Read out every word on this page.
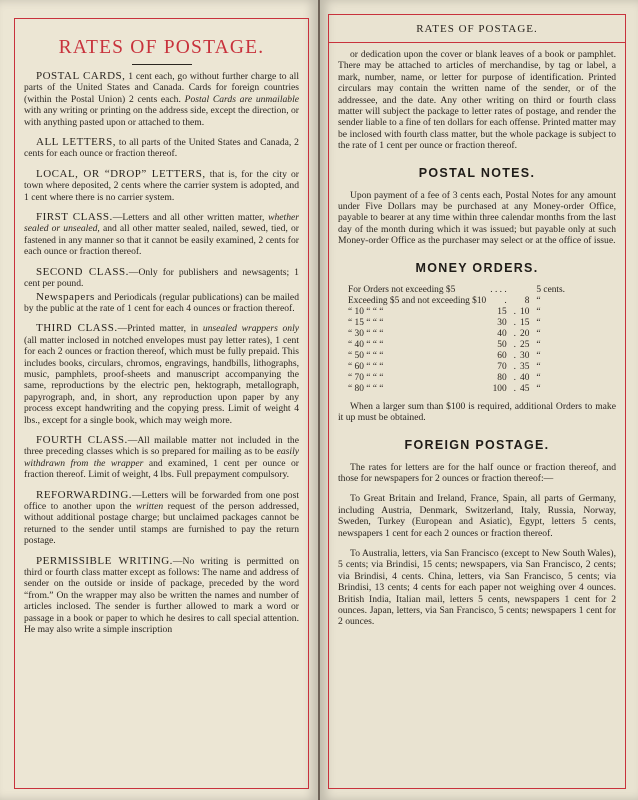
RATES OF POSTAGE.

POSTAL CARDS, 1 cent each, go without further charge to all parts of the United States and Canada. Cards for foreign countries (within the Postal Union) 2 cents each. Postal Cards are unmailable with any writing or printing on the address side, except the direction, or with anything pasted upon or attached to them.

ALL LETTERS, to all parts of the United States and Canada, 2 cents for each ounce or fraction thereof.

LOCAL, OR “DROP” LETTERS, that is, for the city or town where deposited, 2 cents where the carrier system is adopted, and 1 cent where there is no carrier system.

FIRST CLASS.—Letters and all other written matter, whether sealed or unsealed, and all other matter sealed, nailed, sewed, tied, or fastened in any manner so that it cannot be easily examined, 2 cents for each ounce or fraction thereof.

SECOND CLASS.—Only for publishers and newsagents; 1 cent per pound.

Newspapers and Periodicals (regular publications) can be mailed by the public at the rate of 1 cent for each 4 ounces or fraction thereof.

THIRD CLASS.—Printed matter, in unsealed wrappers only (all matter inclosed in notched envelopes must pay letter rates), 1 cent for each 2 ounces or fraction thereof, which must be fully prepaid. This includes books, circulars, chromos, engravings, handbills, lithographs, music, pamphlets, proof-sheets and manuscript accompanying the same, reproductions by the electric pen, hektograph, metallograph, papyrograph, and, in short, any reproduction upon paper by any process except handwriting and the copying press. Limit of weight 4 lbs., except for a single book, which may weigh more.

FOURTH CLASS.—All mailable matter not included in the three preceding classes which is so prepared for mailing as to be easily withdrawn from the wrapper and examined, 1 cent per ounce or fraction thereof. Limit of weight, 4 lbs. Full prepayment compulsory.

REFORWARDING.—Letters will be forwarded from one post office to another upon the written request of the person addressed, without additional postage charge; but unclaimed packages cannot be returned to the sender until stamps are furnished to pay the return postage.

PERMISSIBLE WRITING.—No writing is permitted on third or fourth class matter except as follows: The name and address of sender on the outside or inside of package, preceded by the word “from.” On the wrapper may also be written the names and number of articles inclosed. The sender is further allowed to mark a word or passage in a book or paper to which he desires to call special attention. He may also write a simple inscription

RATES OF POSTAGE.

or dedication upon the cover or blank leaves of a book or pamphlet. There may be attached to articles of merchandise, by tag or label, a mark, number, name, or letter for purpose of identification. Printed circulars may contain the written name of the sender, or of the addressee, and the date. Any other writing on third or fourth class matter will subject the package to letter rates of postage, and render the sender liable to a fine of ten dollars for each offense. Printed matter may be inclosed with fourth class matter, but the whole package is subject to the rate of 1 cent per ounce or fraction thereof.

POSTAL NOTES.

Upon payment of a fee of 3 cents each, Postal Notes for any amount under Five Dollars may be purchased at any Money-order Office, payable to bearer at any time within three calendar months from the last day of the month during which it was issued; but payable only at such Money-order Office as the purchaser may select or at the office of issue.

MONEY ORDERS.
For Orders not exceeding $5	. . . .			5 cents.
Exceeding $5 and not exceeding $10	.		8	“
“ 10 “ “ “	15	.	10	“
“ 15 “ “ “	30	.	15	“
“ 30 “ “ “	40	.	20	“
“ 40 “ “ “	50	.	25	“
“ 50 “ “ “	60	.	30	“
“ 60 “ “ “	70	.	35	“
“ 70 “ “ “	80	.	40	“
“ 80 “ “ “	100	.	45	“

When a larger sum than $100 is required, additional Orders to make it up must be obtained.

FOREIGN POSTAGE.

The rates for letters are for the half ounce or fraction thereof, and those for newspapers for 2 ounces or fraction thereof:—

To Great Britain and Ireland, France, Spain, all parts of Germany, including Austria, Denmark, Switzerland, Italy, Russia, Norway, Sweden, Turkey (European and Asiatic), Egypt, letters 5 cents, newspapers 1 cent for each 2 ounces or fraction thereof.

To Australia, letters, via San Francisco (except to New South Wales), 5 cents; via Brindisi, 15 cents; newspapers, via San Francisco, 2 cents; via Brindisi, 4 cents. China, letters, via San Francisco, 5 cents; via Brindisi, 13 cents; 4 cents for each paper not weighing over 4 ounces. British India, Italian mail, letters 5 cents, newspapers 1 cent for 2 ounces. Japan, letters, via San Francisco, 5 cents; newspapers 1 cent for 2 ounces.
